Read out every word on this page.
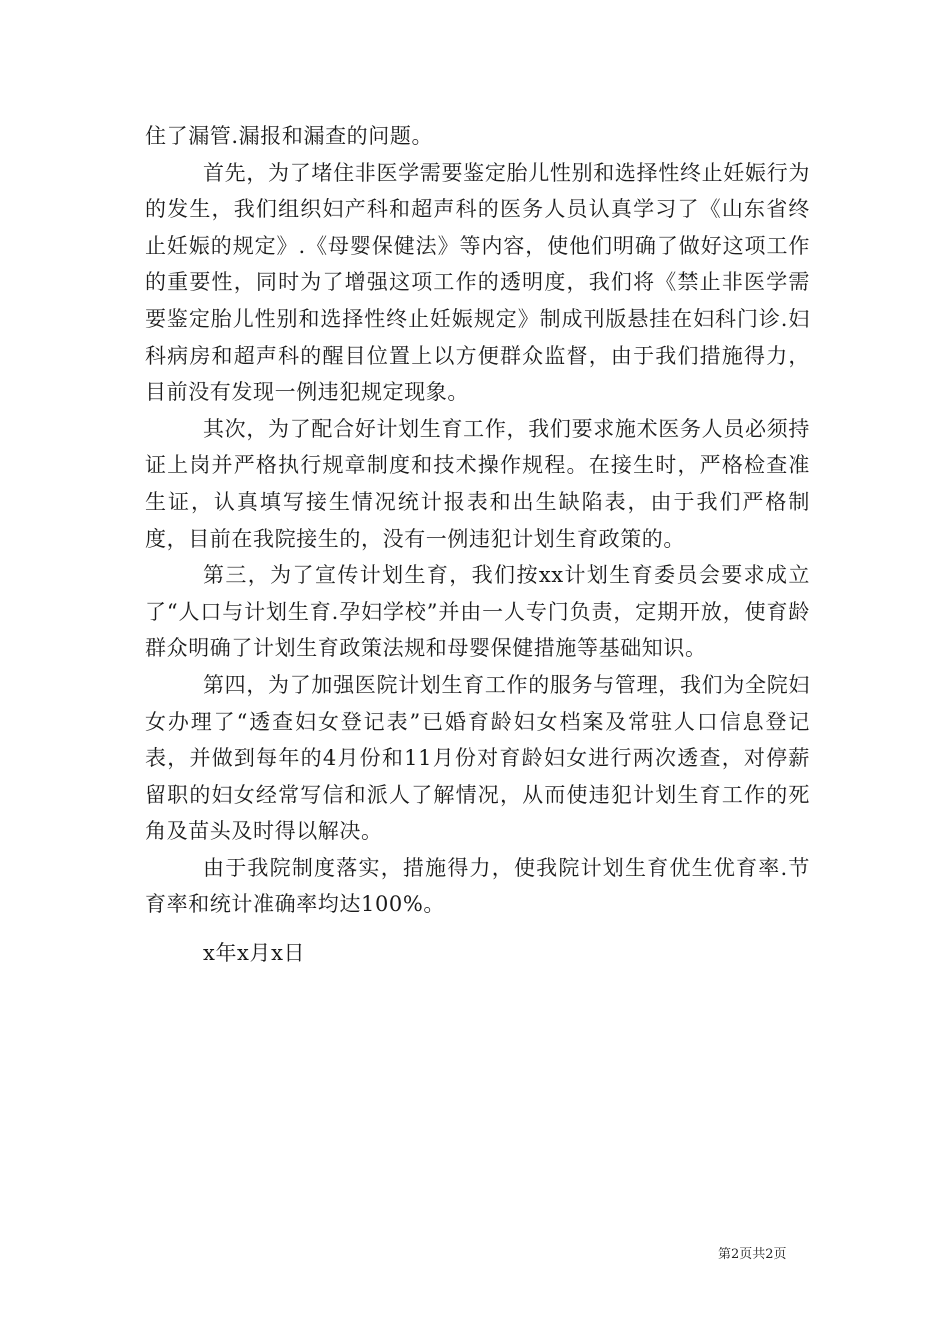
住了漏管.漏报和漏查的问题。

首先，为了堵住非医学需要鉴定胎儿性别和选择性终止妊娠行为的发生，我们组织妇产科和超声科的医务人员认真学习了《山东省终止妊娠的规定》.《母婴保健法》等内容，使他们明确了做好这项工作的重要性，同时为了增强这项工作的透明度，我们将《禁止非医学需要鉴定胎儿性别和选择性终止妊娠规定》制成刊版悬挂在妇科门诊.妇科病房和超声科的醒目位置上以方便群众监督，由于我们措施得力，目前没有发现一例违犯规定现象。

其次，为了配合好计划生育工作，我们要求施术医务人员必须持证上岗并严格执行规章制度和技术操作规程。在接生时，严格检查准生证，认真填写接生情况统计报表和出生缺陷表，由于我们严格制度，目前在我院接生的，没有一例违犯计划生育政策的。

第三，为了宣传计划生育，我们按xx计划生育委员会要求成立了“人口与计划生育.孕妇学校”并由一人专门负责，定期开放，使育龄群众明确了计划生育政策法规和母婴保健措施等基础知识。

第四，为了加强医院计划生育工作的服务与管理，我们为全院妇女办理了“透查妇女登记表”已婚育龄妇女档案及常驻人口信息登记表，并做到每年的4月份和11月份对育龄妇女进行两次透查，对停薪留职的妇女经常写信和派人了解情况，从而使违犯计划生育工作的死角及苗头及时得以解决。

由于我院制度落实，措施得力，使我院计划生育优生优育率.节育率和统计准确率均达100%。

x年x月x日
第2页共2页
